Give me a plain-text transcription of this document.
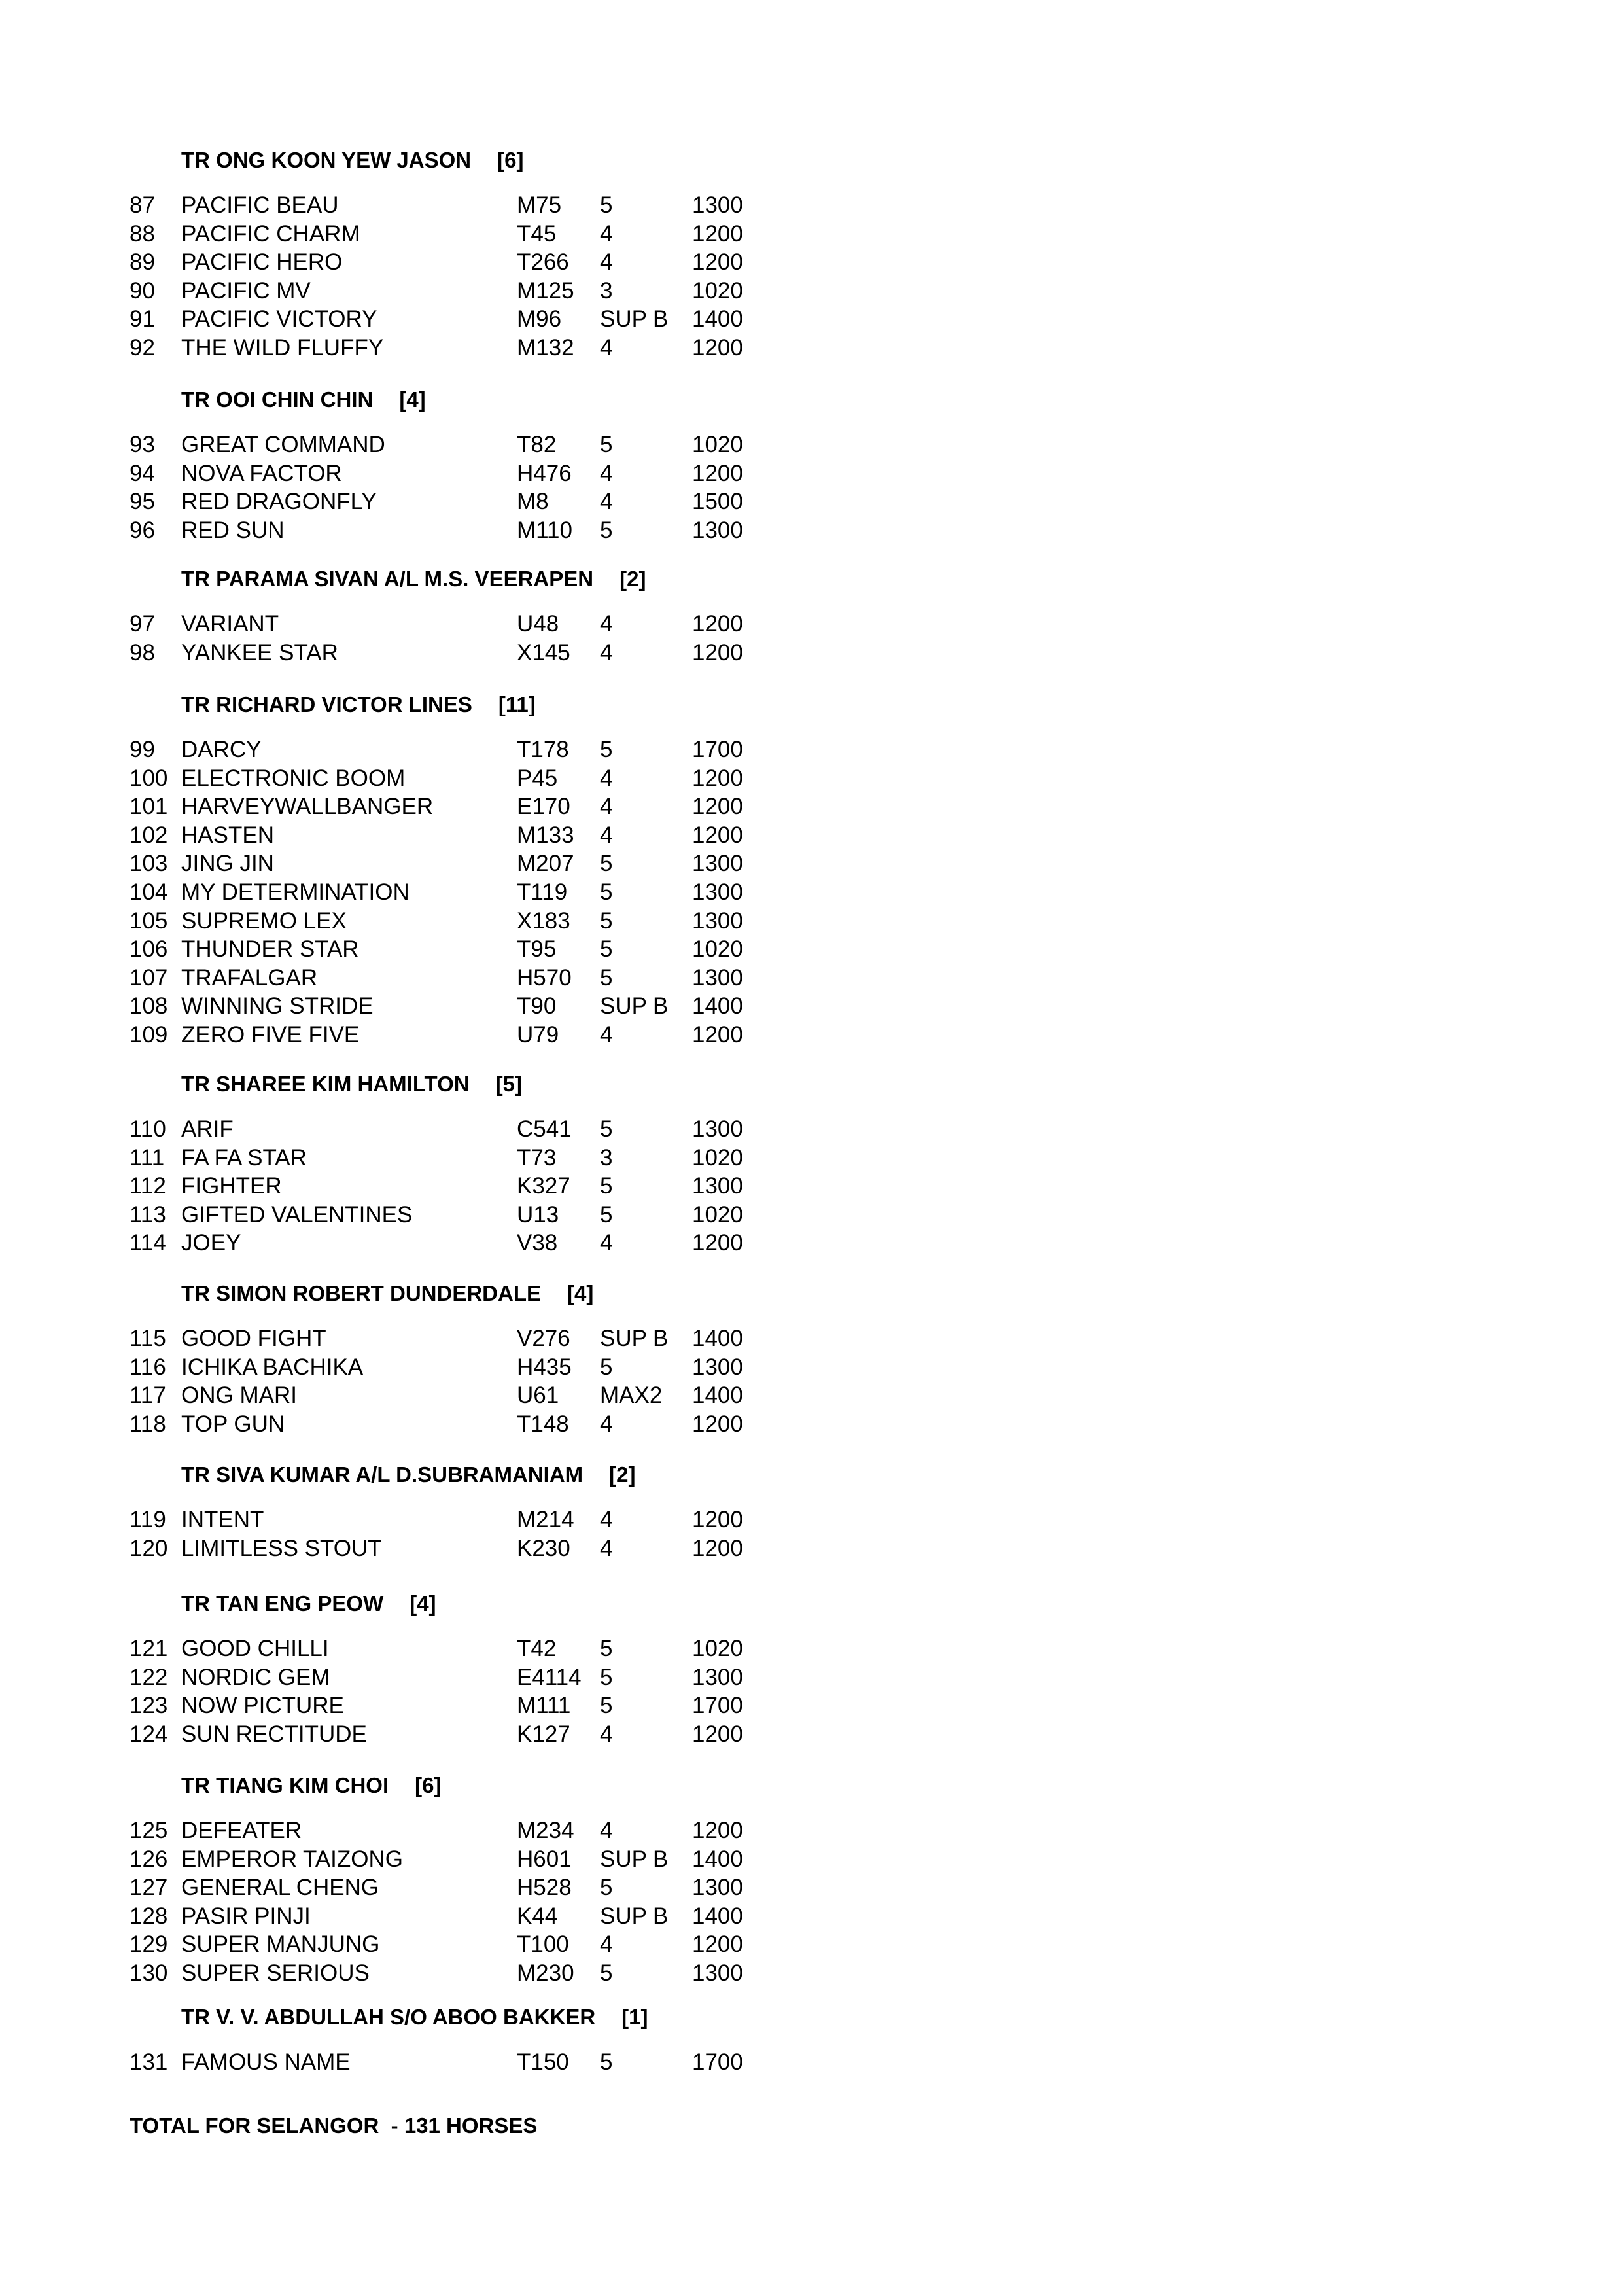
TR ONG KOON YEW JASON [6]
87 PACIFIC BEAU	M75 5	1300
88 PACIFIC CHARM	T45 4	1200
89 PACIFIC HERO	T266 4	1200
90 PACIFIC MV	M125 3	1020
91 PACIFIC VICTORY	M96 SUP B 1400
92 THE WILD FLUFFY	M132 4	1200
TR OOI CHIN CHIN [4]
93 GREAT COMMAND	T82 5	1020
94 NOVA FACTOR	H476 4	1200
95 RED DRAGONFLY	M8 4	1500
96 RED SUN	M110 5	1300
TR PARAMA SIVAN A/L M.S. VEERAPEN [2]
97 VARIANT	U48 4	1200
98 YANKEE STAR	X145 4	1200
TR RICHARD VICTOR LINES [11]
99 DARCY	T178 5	1700
100 ELECTRONIC BOOM	P45 4	1200
101 HARVEYWALLBANGER	E170 4	1200
102 HASTEN	M133 4	1200
103 JING JIN	M207 5	1300
104 MY DETERMINATION	T119 5	1300
105 SUPREMO LEX	X183 5	1300
106 THUNDER STAR	T95 5	1020
107 TRAFALGAR	H570 5	1300
108 WINNING STRIDE	T90 SUP B 1400
109 ZERO FIVE FIVE	U79 4	1200
TR SHAREE KIM HAMILTON [5]
110 ARIF	C541 5	1300
111 FA FA STAR	T73 3	1020
112 FIGHTER	K327 5	1300
113 GIFTED VALENTINES	U13 5	1020
114 JOEY	V38 4	1200
TR SIMON ROBERT DUNDERDALE [4]
115 GOOD FIGHT	V276 SUP B 1400
116 ICHIKA BACHIKA	H435 5	1300
117 ONG MARI	U61 MAX2 1400
118 TOP GUN	T148 4	1200
TR SIVA KUMAR A/L D.SUBRAMANIAM [2]
119 INTENT	M214 4	1200
120 LIMITLESS STOUT	K230 4	1200
TR TAN ENG PEOW [4]
121 GOOD CHILLI	T42 5	1020
122 NORDIC GEM	E4114 5	1300
123 NOW PICTURE	M111 5	1700
124 SUN RECTITUDE	K127 4	1200
TR TIANG KIM CHOI [6]
125 DEFEATER	M234 4	1200
126 EMPEROR TAIZONG	H601 SUP B 1400
127 GENERAL CHENG	H528 5	1300
128 PASIR PINJI	K44 SUP B 1400
129 SUPER MANJUNG	T100 4	1200
130 SUPER SERIOUS	M230 5	1300
TR V. V. ABDULLAH S/O ABOO BAKKER [1]
131 FAMOUS NAME	T150 5	1700
TOTAL FOR SELANGOR  - 131 HORSES
